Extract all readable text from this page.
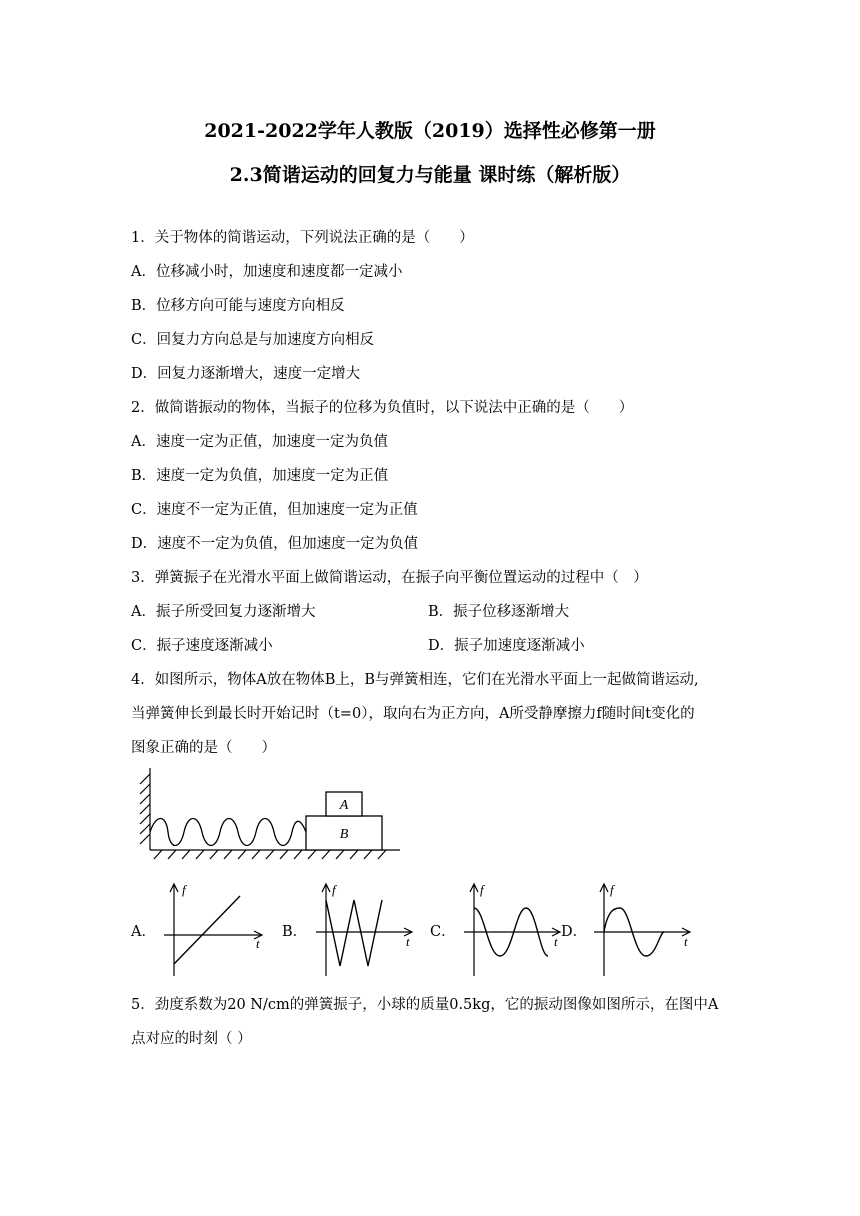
2021-2022学年人教版（2019）选择性必修第一册
2.3简谐运动的回复力与能量 课时练（解析版）
1．关于物体的简谐运动，下列说法正确的是（　　）
A．位移减小时，加速度和速度都一定减小
B．位移方向可能与速度方向相反
C．回复力方向总是与加速度方向相反
D．回复力逐渐增大，速度一定增大
2．做简谐振动的物体，当振子的位移为负值时，以下说法中正确的是（　　）
A．速度一定为正值，加速度一定为负值
B．速度一定为负值，加速度一定为正值
C．速度不一定为正值，但加速度一定为正值
D．速度不一定为负值，但加速度一定为负值
3．弹簧振子在光滑水平面上做简谐运动，在振子向平衡位置运动的过程中（　）
A．振子所受回复力逐渐增大	B．振子位移逐渐增大
C．振子速度逐渐减小	D．振子加速度逐渐减小
4．如图所示，物体A放在物体B上，B与弹簧相连，它们在光滑水平面上一起做简谐运动,
当弹簧伸长到最长时开始记时（t=0），取向右为正方向，A所受静摩擦力f随时间t变化的
图象正确的是（　　）
A
B
A．	B．	C．	D．
f
t
f
t
f
t
f
t
5．劲度系数为20 N/cm的弹簧振子，小球的质量0.5kg，它的振动图像如图所示，在图中A
点对应的时刻（ ）
